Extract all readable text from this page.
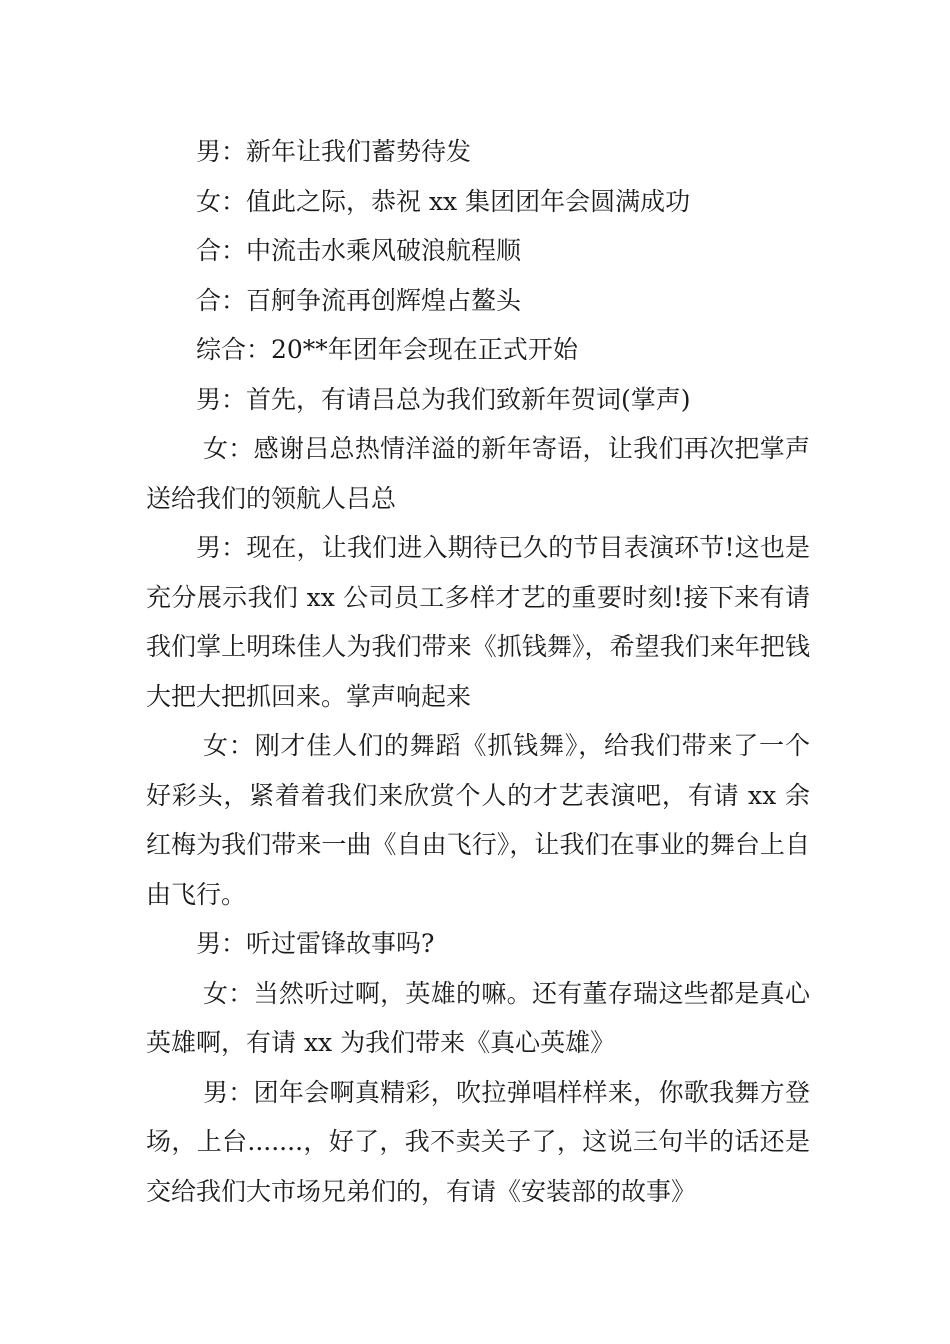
男：新年让我们蓄势待发

女：值此之际，恭祝 xx 集团团年会圆满成功

合：中流击水乘风破浪航程顺

合：百舸争流再创辉煌占鳌头

综合：20**年团年会现在正式开始

男：首先，有请吕总为我们致新年贺词(掌声)

女：感谢吕总热情洋溢的新年寄语，让我们再次把掌声送给我们的领航人吕总

男：现在，让我们进入期待已久的节目表演环节!这也是充分展示我们 xx 公司员工多样才艺的重要时刻!接下来有请我们掌上明珠佳人为我们带来《抓钱舞》，希望我们来年把钱大把大把抓回来。掌声响起来

女：刚才佳人们的舞蹈《抓钱舞》，给我们带来了一个好彩头，紧着着我们来欣赏个人的才艺表演吧，有请 xx 余红梅为我们带来一曲《自由飞行》，让我们在事业的舞台上自由飞行。

男：听过雷锋故事吗?

女：当然听过啊，英雄的嘛。还有董存瑞这些都是真心英雄啊，有请 xx 为我们带来《真心英雄》

男：团年会啊真精彩，吹拉弹唱样样来，你歌我舞方登场，上台.......，好了，我不卖关子了，这说三句半的话还是交给我们大市场兄弟们的，有请《安装部的故事》
